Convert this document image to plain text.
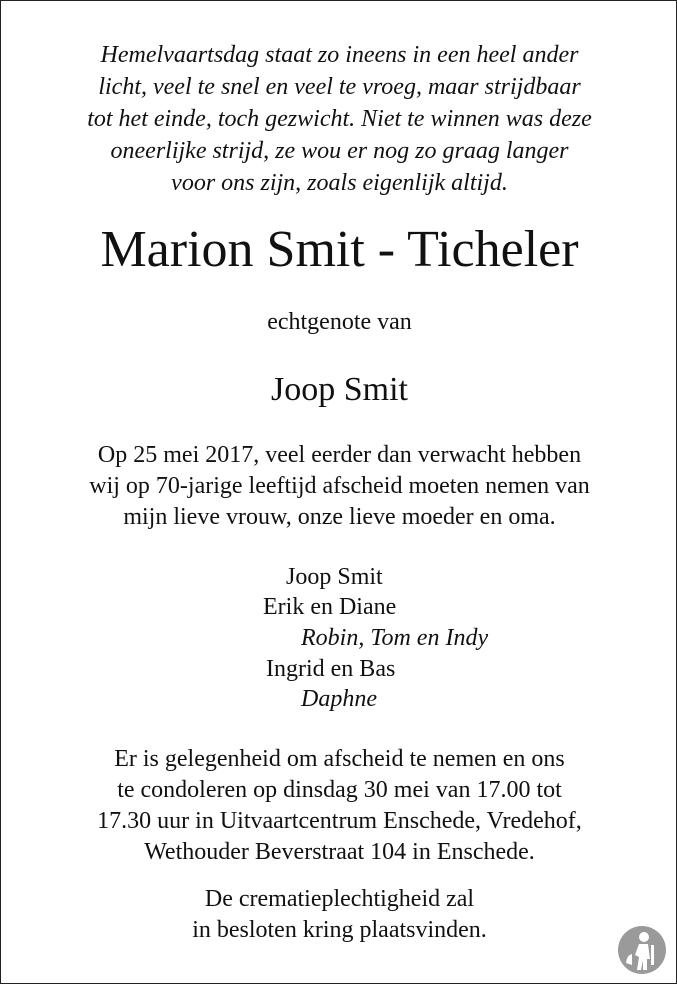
Hemelvaartsdag staat zo ineens in een heel ander
licht, veel te snel en veel te vroeg, maar strijdbaar
tot het einde, toch gezwicht. Niet te winnen was deze
oneerlijke strijd, ze wou er nog zo graag langer
voor ons zijn, zoals eigenlijk altijd.
Marion Smit - Ticheler
echtgenote van
Joop Smit
Op 25 mei 2017, veel eerder dan verwacht hebben
wij op 70-jarige leeftijd afscheid moeten nemen van
mijn lieve vrouw, onze lieve moeder en oma.
Joop Smit
Erik en Diane
Robin, Tom en Indy
Ingrid en Bas
Daphne
Er is gelegenheid om afscheid te nemen en ons
te condoleren op dinsdag 30 mei van 17.00 tot
17.30 uur in Uitvaartcentrum Enschede, Vredehof,
Wethouder Beverstraat 104 in Enschede.
De crematieplechtigheid zal
in besloten kring plaatsvinden.
